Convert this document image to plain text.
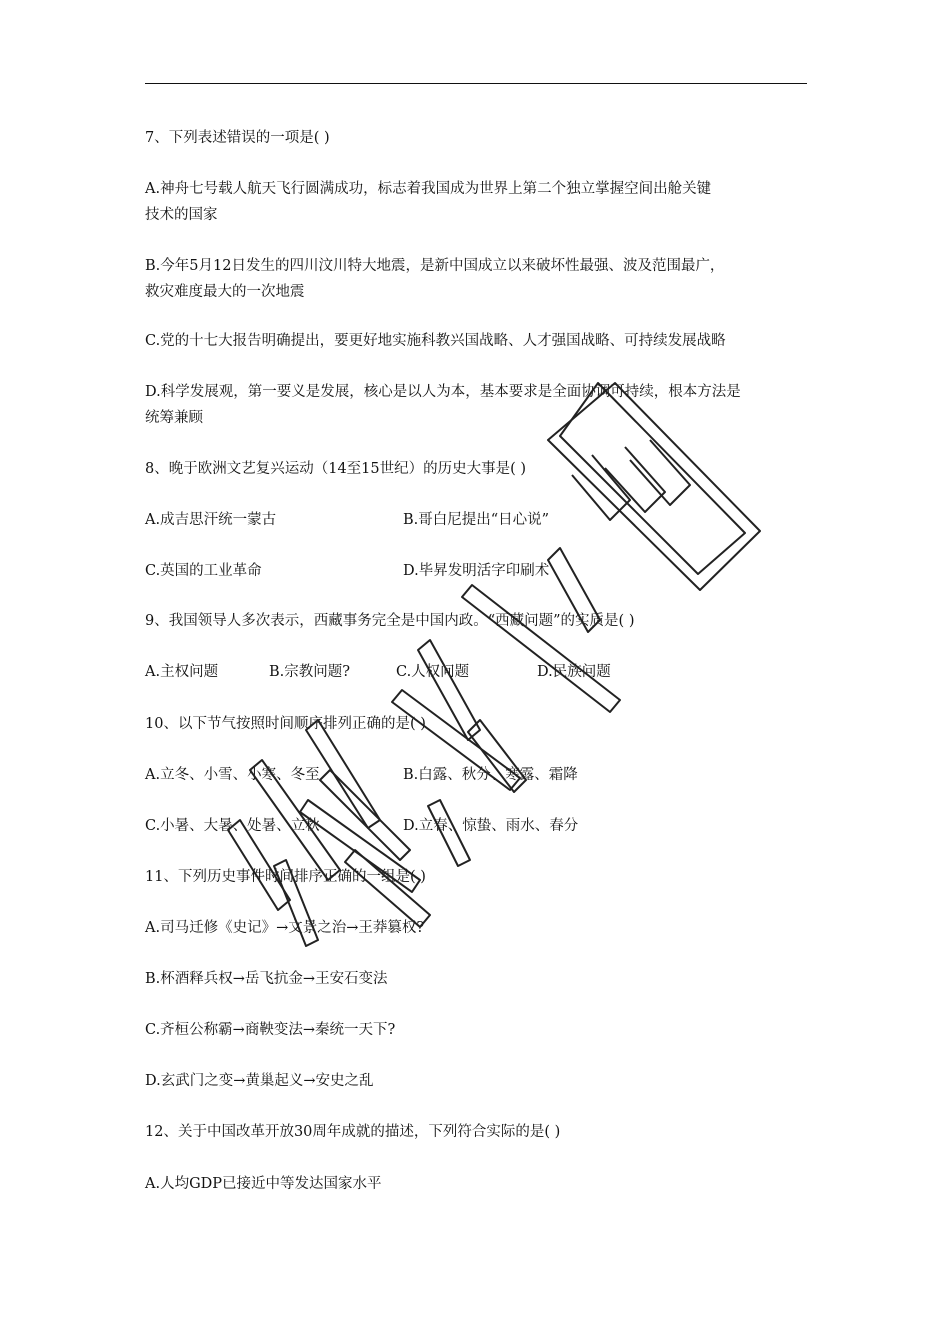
7、下列表述错误的一项是( )
A.神舟七号载人航天飞行圆满成功，标志着我国成为世界上第二个独立掌握空间出舱关键
技术的国家
B.今年5月12日发生的四川汶川特大地震，是新中国成立以来破坏性最强、波及范围最广，
救灾难度最大的一次地震
C.党的十七大报告明确提出，要更好地实施科教兴国战略、人才强国战略、可持续发展战略
D.科学发展观，第一要义是发展，核心是以人为本，基本要求是全面协调可持续，根本方法是
统筹兼顾
8、晚于欧洲文艺复兴运动（14至15世纪）的历史大事是( )
A.成吉思汗统一蒙古	B.哥白尼提出“日心说”
C.英国的工业革命	D.毕昇发明活字印刷术
9、我国领导人多次表示，西藏事务完全是中国内政。“西藏问题”的实质是( )
A.主权问题	B.宗教问题?	C.人权问题	D.民族问题
10、以下节气按照时间顺序排列正确的是( )
A.立冬、小雪、小寒、冬至	B.白露、秋分、寒露、霜降
C.小暑、大暑、处暑、立秋	D.立春、惊蛰、雨水、春分
11、下列历史事件时间排序正确的一组是( )
A.司马迁修《史记》→文景之治→王莽篡权?
B.杯酒释兵权→岳飞抗金→王安石变法
C.齐桓公称霸→商鞅变法→秦统一天下?
D.玄武门之变→黄巢起义→安史之乱
12、关于中国改革开放30周年成就的描述，下列符合实际的是( )
A.人均GDP已接近中等发达国家水平
